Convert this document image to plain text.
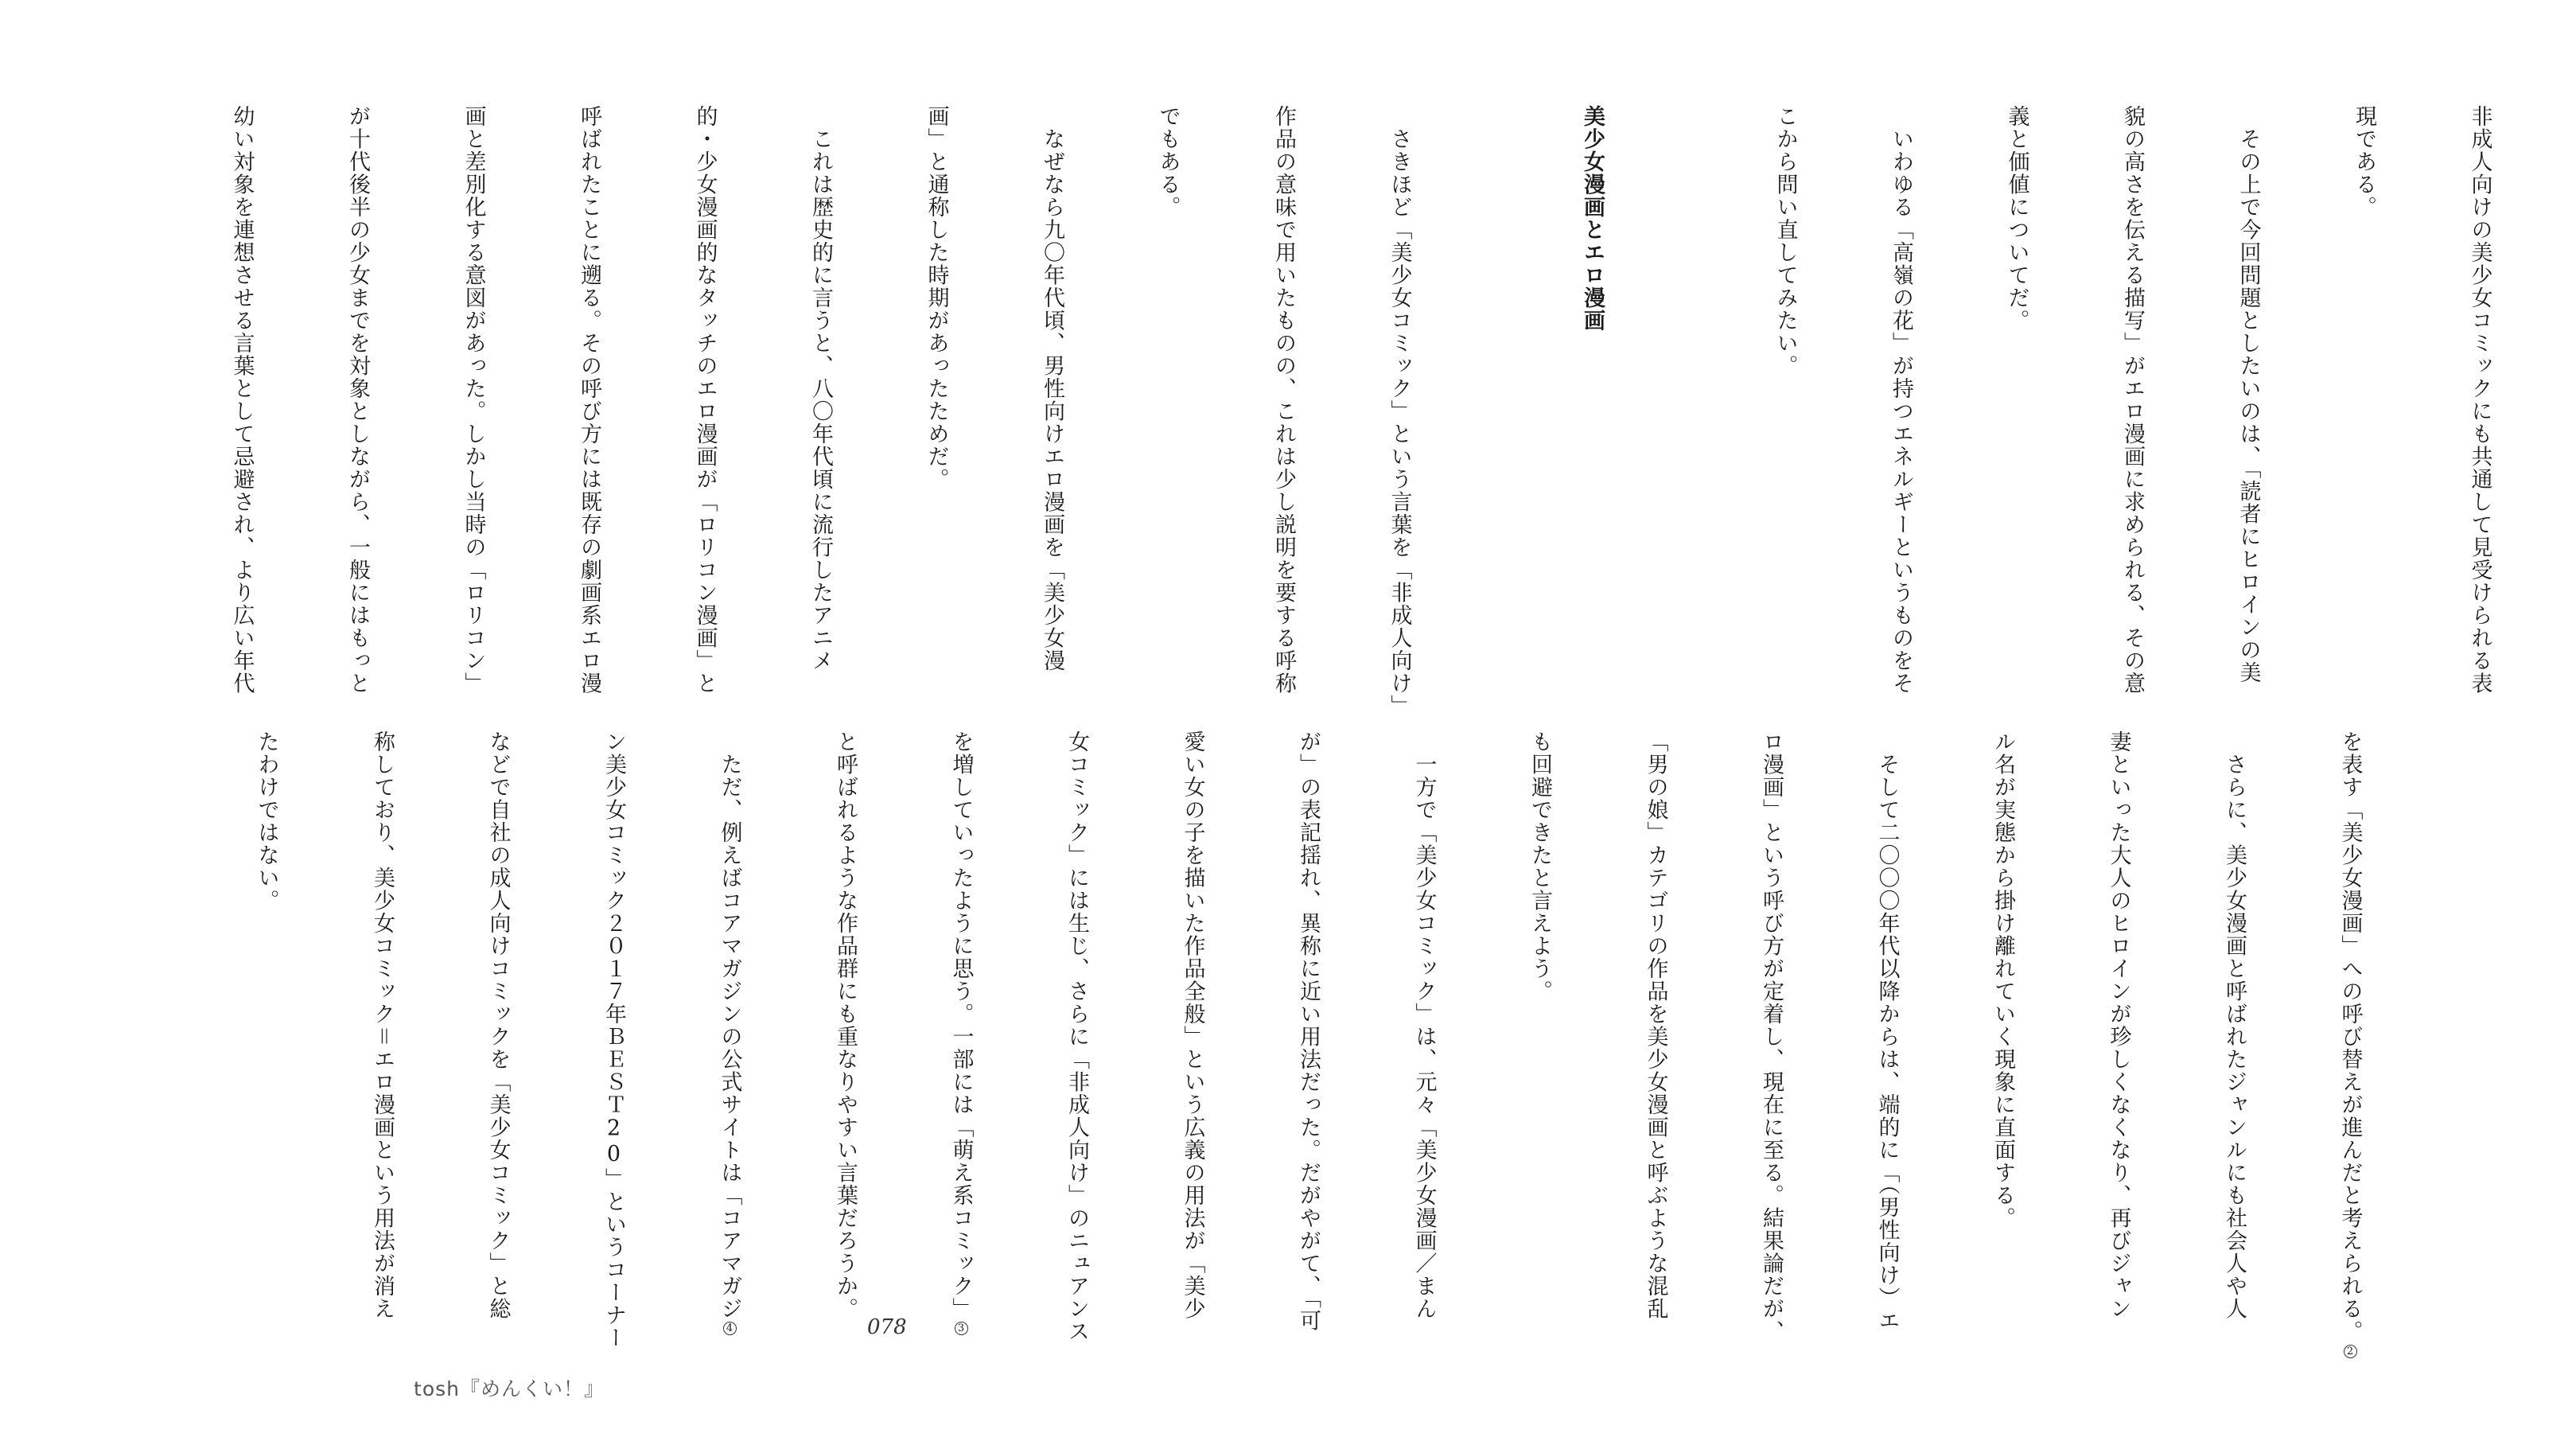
非成人向けの美少女コミックにも共通して見受けられる表

現である。

　その上で今回問題としたいのは、「読者にヒロインの美

貌の高さを伝える描写」がエロ漫画に求められる、その意

義と価値についてだ。

　いわゆる「高嶺の花」が持つエネルギーというものをそ

こから問い直してみたい。

美少女漫画とエロ漫画

　さきほど「美少女コミック」という言葉を「非成人向け」

作品の意味で用いたものの、これは少し説明を要する呼称

でもある。

　なぜなら九〇年代頃、男性向けエロ漫画を「美少女漫

画」と通称した時期があったためだ。

　これは歴史的に言うと、八〇年代頃に流行したアニメ

的・少女漫画的なタッチのエロ漫画が「ロリコン漫画」と

呼ばれたことに遡る。その呼び方には既存の劇画系エロ漫

画と差別化する意図があった。しかし当時の「ロリコン」

が十代後半の少女までを対象としながら、一般にはもっと

幼い対象を連想させる言葉として忌避され、より広い年代

を表す「美少女漫画」への呼び替えが進んだと考えられる。2

　さらに、美少女漫画と呼ばれたジャンルにも社会人や人

妻といった大人のヒロインが珍しくなくなり、再びジャン

ル名が実態から掛け離れていく現象に直面する。

　そして二〇〇〇年代以降からは、端的に「（男性向け）エ

ロ漫画」という呼び方が定着し、現在に至る。結果論だが、

「男の娘」カテゴリの作品を美少女漫画と呼ぶような混乱

も回避できたと言えよう。

　一方で「美少女コミック」は、元々「美少女漫画／まん

が」の表記揺れ、異称に近い用法だった。だがやがて、「可

愛い女の子を描いた作品全般」という広義の用法が「美少

女コミック」には生じ、さらに「非成人向け」のニュアンス

を増していったように思う。一部には「萌え系コミック」3

と呼ばれるような作品群にも重なりやすい言葉だろうか。

　ただ、例えばコアマガジンの公式サイトは「コアマガジ4

ン美少女コミック２０１７年ＢＥＳＴ20」というコーナー

などで自社の成人向けコミックを「美少女コミック」と総

称しており、美少女コミック＝エロ漫画という用法が消え

たわけではない。

078
tosh『めんくい！』
